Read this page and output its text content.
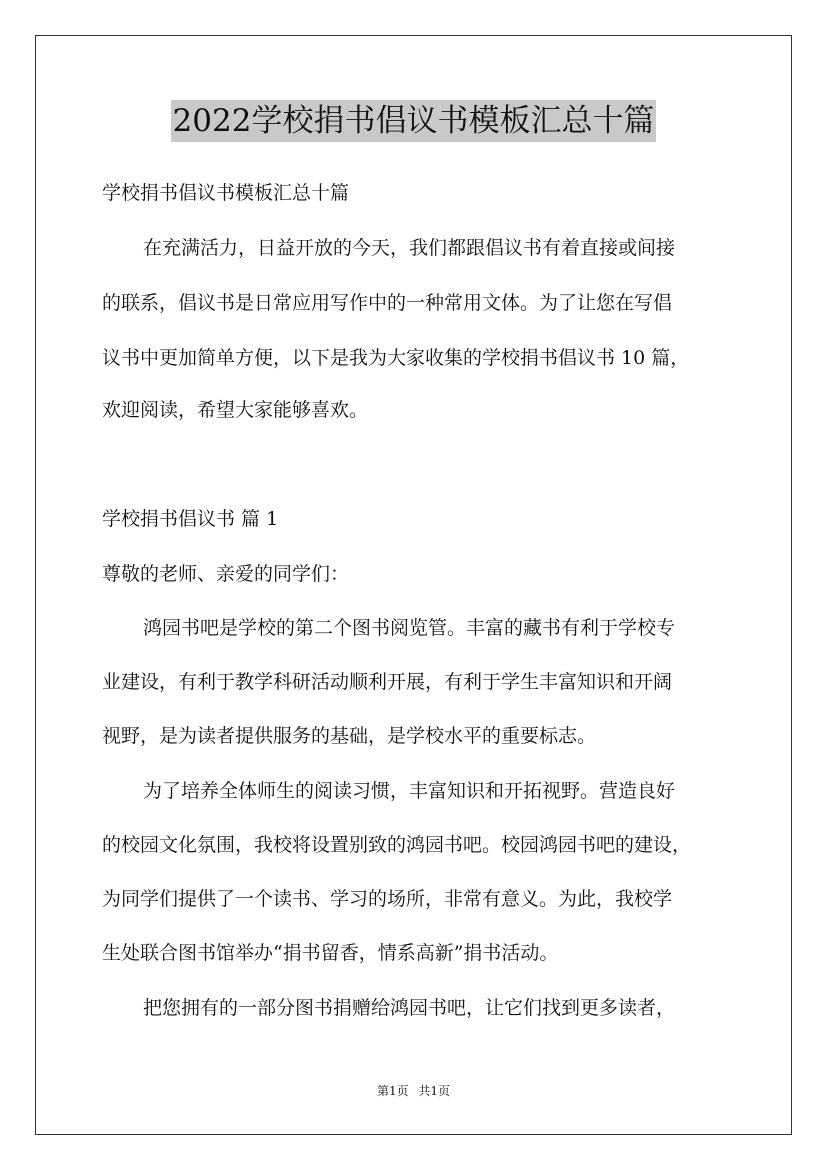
2022学校捐书倡议书模板汇总十篇
学校捐书倡议书模板汇总十篇
在充满活力，日益开放的今天，我们都跟倡议书有着直接或间接
的联系，倡议书是日常应用写作中的一种常用文体。为了让您在写倡
议书中更加简单方便，以下是我为大家收集的学校捐书倡议书 10 篇，
欢迎阅读，希望大家能够喜欢。
学校捐书倡议书 篇 1
尊敬的老师、亲爱的同学们：
鸿园书吧是学校的第二个图书阅览管。丰富的藏书有利于学校专
业建设，有利于教学科研活动顺利开展，有利于学生丰富知识和开阔
视野，是为读者提供服务的基础，是学校水平的重要标志。
为了培养全体师生的阅读习惯，丰富知识和开拓视野。营造良好
的校园文化氛围，我校将设置别致的鸿园书吧。校园鸿园书吧的建设，
为同学们提供了一个读书、学习的场所，非常有意义。为此，我校学
生处联合图书馆举办“捐书留香，情系高新”捐书活动。
把您拥有的一部分图书捐赠给鸿园书吧，让它们找到更多读者，
第1页 共1页
